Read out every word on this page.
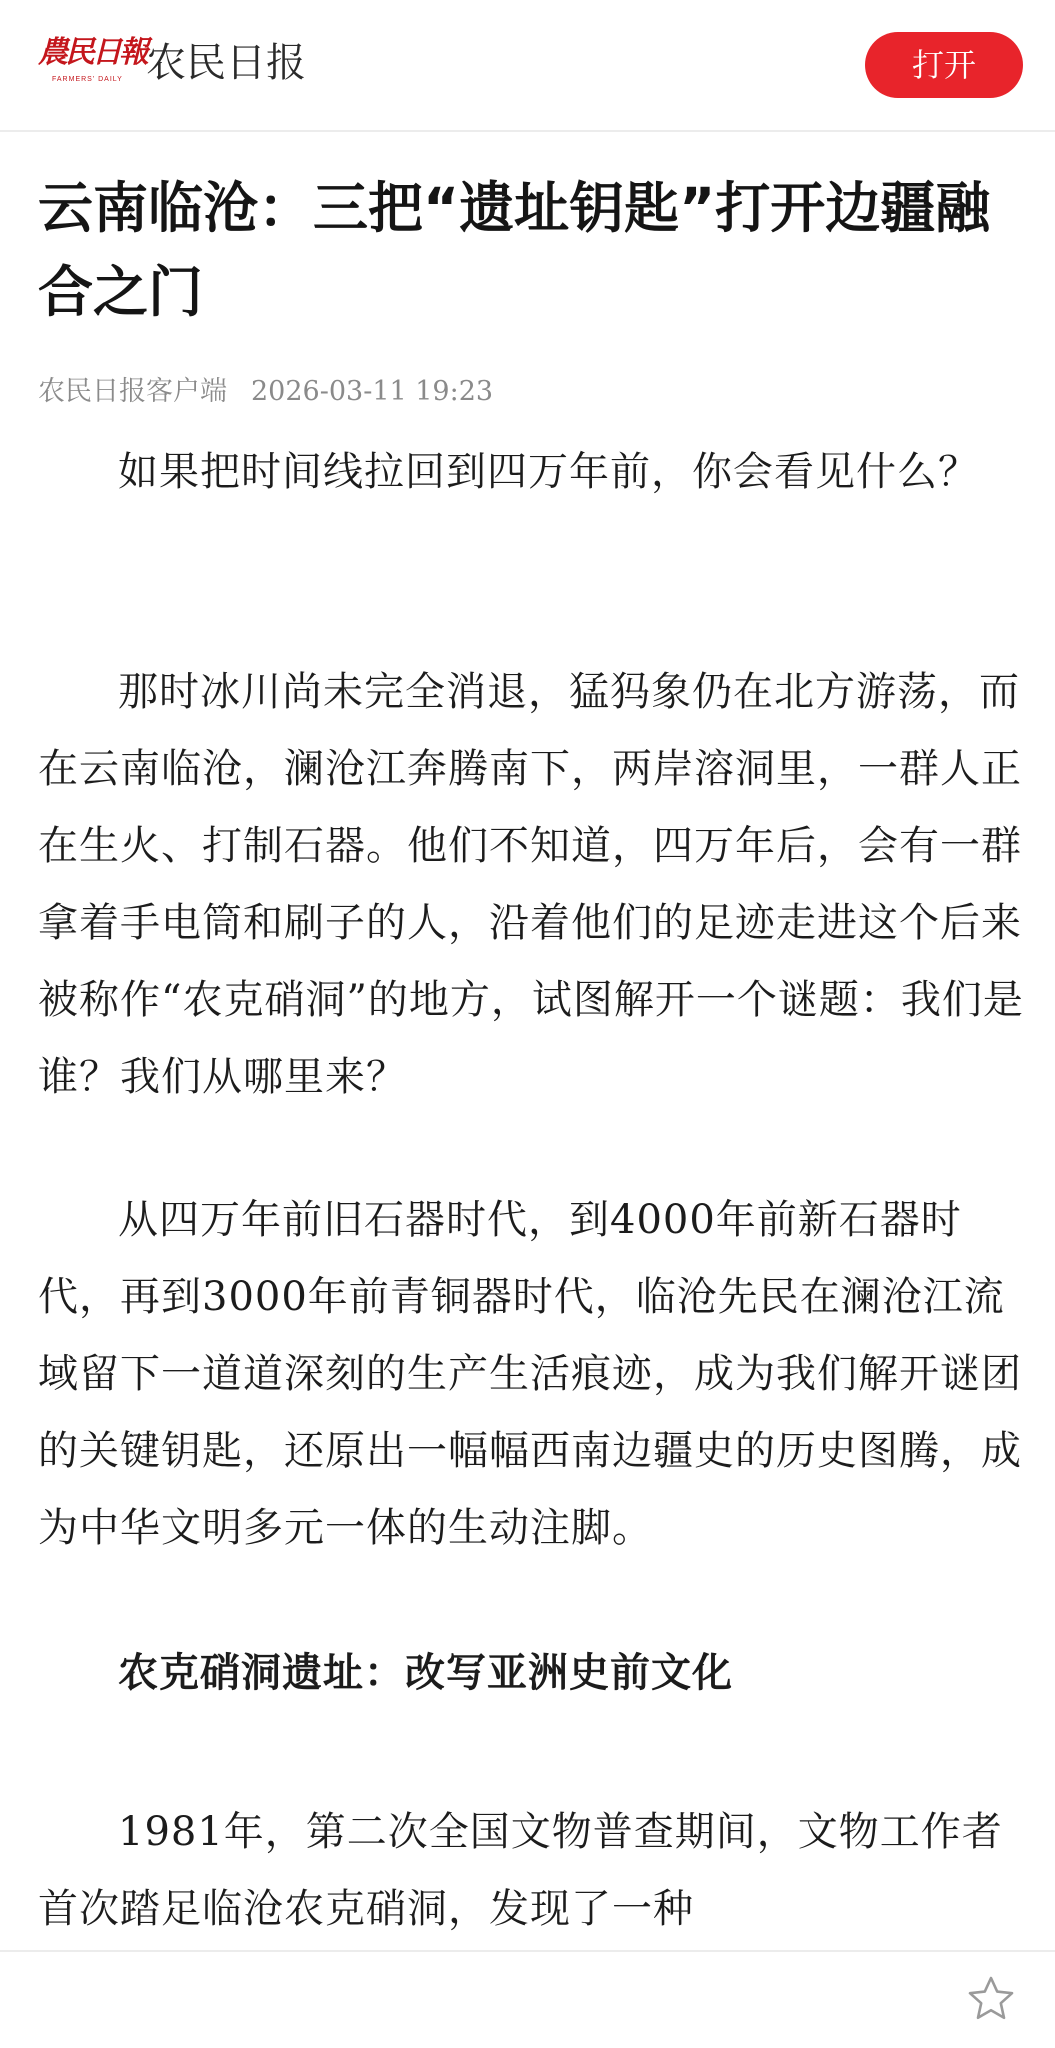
農民日報
FARMERS' DAILY 农民日报	打开
云南临沧：三把“遗址钥匙”打开边疆融合之门
农民日报客户端 2026-03-11 19:23

如果把时间线拉回到四万年前，你会看见什么？

那时冰川尚未完全消退，猛犸象仍在北方游荡，而在云南临沧，澜沧江奔腾南下，两岸溶洞里，一群人正在生火、打制石器。他们不知道，四万年后，会有一群拿着手电筒和刷子的人，沿着他们的足迹走进这个后来被称作“农克硝洞”的地方，试图解开一个谜题：我们是谁？我们从哪里来？

从四万年前旧石器时代，到4000年前新石器时代，再到3000年前青铜器时代，临沧先民在澜沧江流域留下一道道深刻的生产生活痕迹，成为我们解开谜团的关键钥匙，还原出一幅幅西南边疆史的历史图腾，成为中华文明多元一体的生动注脚。

农克硝洞遗址：改写亚洲史前文化

1981年，第二次全国文物普查期间，文物工作者首次踏足临沧农克硝洞，发现了一种
